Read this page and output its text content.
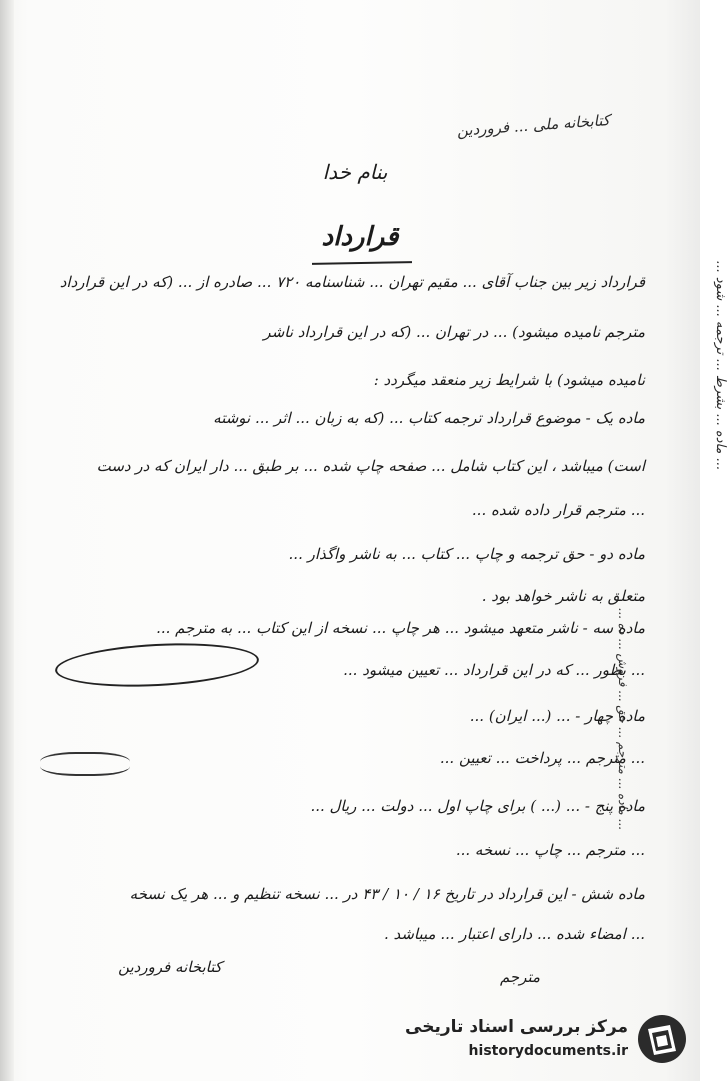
کتابخانه ملی ... فروردین
بنام خدا
قرارداد
قرارداد زیر بین جناب آقای ... مقیم تهران ... شناسنامه ۷۲۰ ... صادره از ... (که در این قرارداد
مترجم نامیده میشود) ... در تهران ... (که در این قرارداد ناشر
نامیده میشود) با شرایط زیر منعقد میگردد :
ماده یک - موضوع قرارداد ترجمه کتاب ... (که به زبان ... اثر ... نوشته
است) میباشد ، این کتاب شامل ... صفحه چاپ شده ... بر طبق ... دار ایران که در دست
... مترجم قرار داده شده ...
ماده دو - حق ترجمه و چاپ ... کتاب ... به ناشر واگذار ...
متعلق به ناشر خواهد بود .
ماده سه - ناشر متعهد میشود ... هر چاپ ... نسخه از این کتاب ... به مترجم ...
... بطور ... که در این قرارداد ... تعیین میشود ...
ماده چهار - ... (... ایران) ...
... مترجم ... پرداخت ... تعیین ...
ماده پنج - ... (... ) برای چاپ اول ... دولت ... ریال ...
... مترجم ... چاپ ... نسخه ...
ماده شش - این قرارداد در تاریخ ۱۶ / ۱۰ / ۴۳ در ... نسخه تنظیم و ... هر یک نسخه
... امضاء شده ... دارای اعتبار ... میباشد .
... ماده ... مترجم ... حق ... فروش ... ده ...
... ماده ... بشرط ... ترجمه ... شود ...
کتابخانه فروردین
مترجم
مرکز بررسی اسناد تاریخی
historydocuments.ir
